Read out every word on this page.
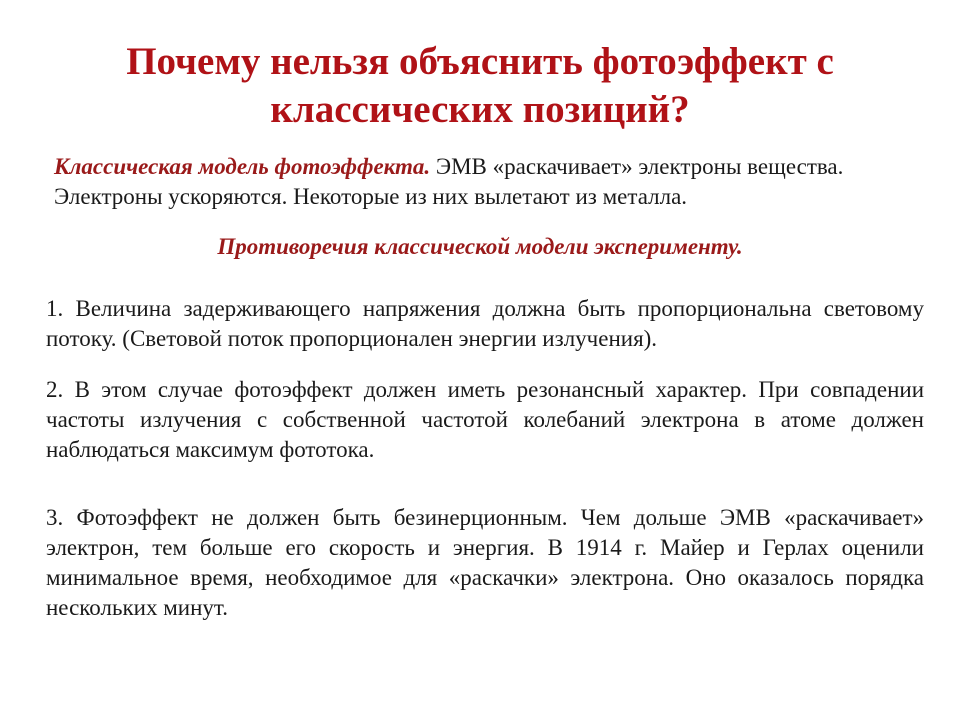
Почему нельзя объяснить фотоэффект с классических позиций?

Классическая модель фотоэффекта. ЭМВ «раскачивает» электроны вещества. Электроны ускоряются. Некоторые из них вылетают из металла.

Противоречия классической модели эксперименту.

1. Величина задерживающего напряжения должна быть пропорциональна световому потоку. (Световой поток пропорционален энергии излучения).

2. В этом случае фотоэффект должен иметь резонансный характер. При совпадении частоты излучения с собственной частотой колебаний электрона в атоме должен наблюдаться максимум фототока.

3. Фотоэффект не должен быть безинерционным. Чем дольше ЭМВ «раскачивает» электрон, тем больше его скорость и энергия. В 1914 г. Майер и Герлах оценили минимальное время, необходимое для «раскачки» электрона. Оно оказалось порядка нескольких минут.
